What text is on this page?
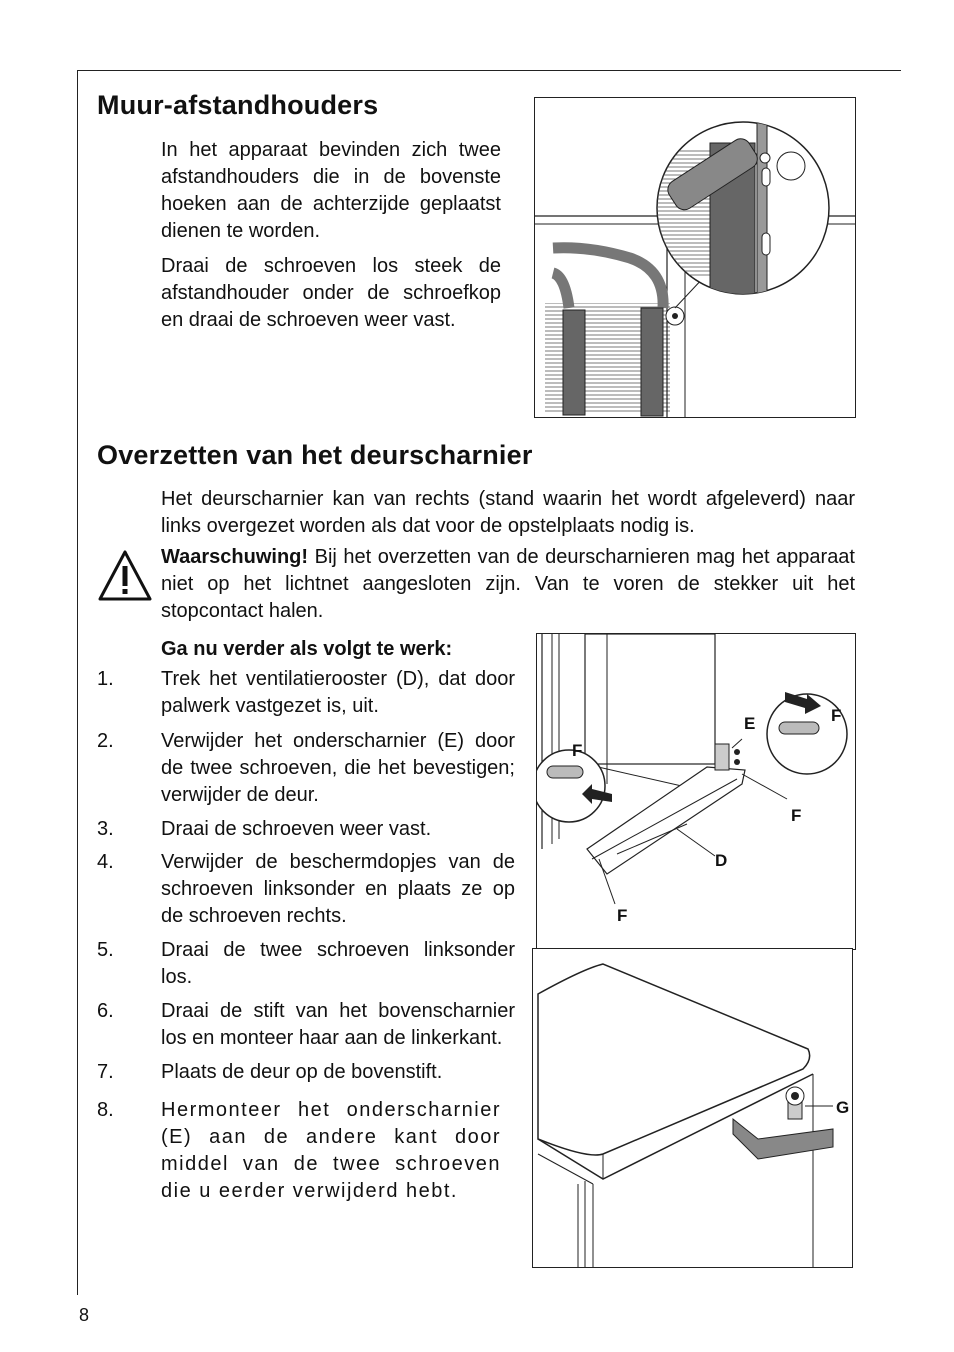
Muur-afstandhouders

In het apparaat bevinden zich twee afstandhouders die in de bovenste hoeken aan de achterzijde geplaatst dienen te worden.

Draai de schroeven los steek de afstandhouder onder de schroefkop en draai de schroeven weer vast.

Overzetten van het deurscharnier

Het deurscharnier kan van rechts (stand waarin het wordt afgeleverd) naar links overgezet worden als dat voor de opstelplaats nodig is.

Waarschuwing! Bij het overzetten van de deurscharnieren mag het apparaat niet op het lichtnet aangesloten zijn. Van te voren de stekker uit het stopcontact halen.

Ga nu verder als volgt te werk:

1. Trek het ventilatierooster (D), dat door palwerk vastgezet is, uit.

2. Verwijder het onderscharnier (E) door de twee schroeven, die het bevestigen; verwijder de deur.

3. Draai de schroeven weer vast.

4. Verwijder de beschermdopjes van de schroeven linksonder en plaats ze op de schroeven rechts.

5. Draai de twee schroeven linksonder los.

6. Draai de stift van het bovenscharnier los en monteer haar aan de linkerkant.

7. Plaats de deur op de bovenstift.

8. Hermonteer het onderscharnier (E) aan de andere kant door middel van de twee schroeven die u eerder verwijderd hebt.

E
F
F
F
D
F
G
8
